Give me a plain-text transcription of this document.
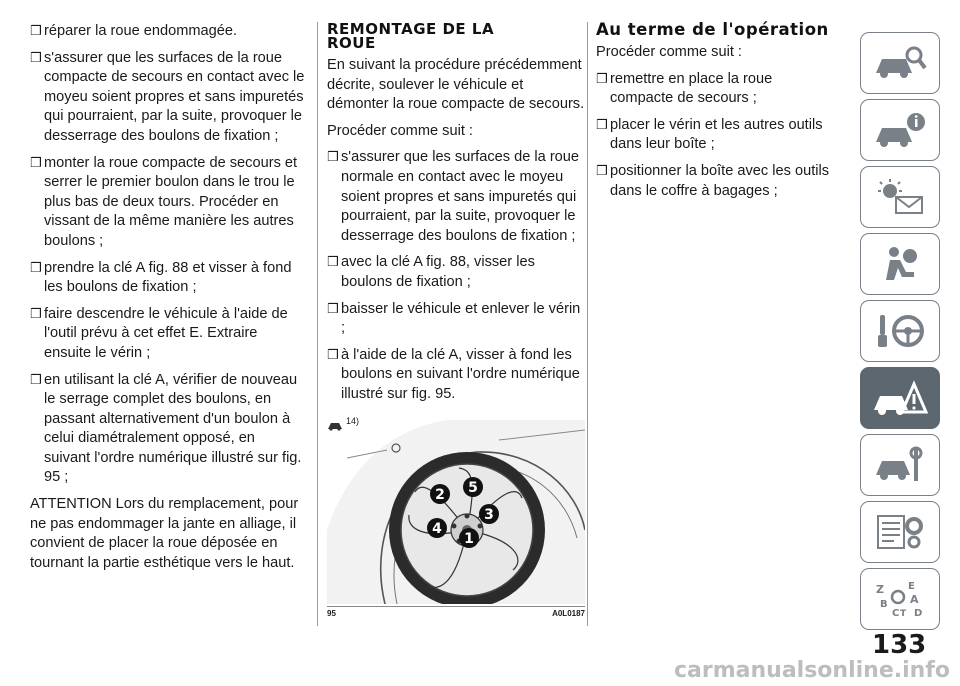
❒ réparer la roue endommagée.
❒ s'assurer que les surfaces de la roue compacte de secours en contact avec le moyeu soient propres et sans impuretés qui pourraient, par la suite, provoquer le desserrage des boulons de fixation ;
❒ monter la roue compacte de secours et serrer le premier boulon dans le trou le plus bas de deux tours. Procéder en vissant de la même manière les autres boulons ;
❒ prendre la clé A fig. 88 et visser à fond les boulons de fixation ;
❒ faire descendre le véhicule à l'aide de l'outil prévu à cet effet E. Extraire ensuite le vérin ;
❒ en utilisant la clé A, vérifier de nouveau le serrage complet des boulons, en passant alternativement d'un boulon à celui diamétralement opposé, en suivant l'ordre numérique illustré sur fig. 95 ;
ATTENTION Lors du remplacement, pour ne pas endommager la jante en alliage, il convient de placer la roue déposée en tournant la partie esthétique vers le haut.
REMONTAGE DE LA
ROUE
En suivant la procédure précédemment décrite, soulever le véhicule et démonter la roue compacte de secours.
Procéder comme suit :
❒ s'assurer que les surfaces de la roue normale en contact avec le moyeu soient propres et sans impuretés qui pourraient, par la suite, provoquer le desserrage des boulons de fixation ;
❒ avec la clé A fig. 88, visser les boulons de fixation ;
❒ baisser le véhicule et enlever le vérin ;
❒ à l'aide de la clé A, visser à fond les boulons en suivant l'ordre numérique illustré sur fig. 95.
14)
5
2
3
4
1
95	A0L0187
Au terme de l'opération
Procéder comme suit :
❒ remettre en place la roue compacte de secours ;
❒ placer le vérin et les autres outils dans leur boîte ;
❒ positionner la boîte avec les outils dans le coffre à bagages ;
Z E
B A
C D
T
133
carmanualsonline.info
